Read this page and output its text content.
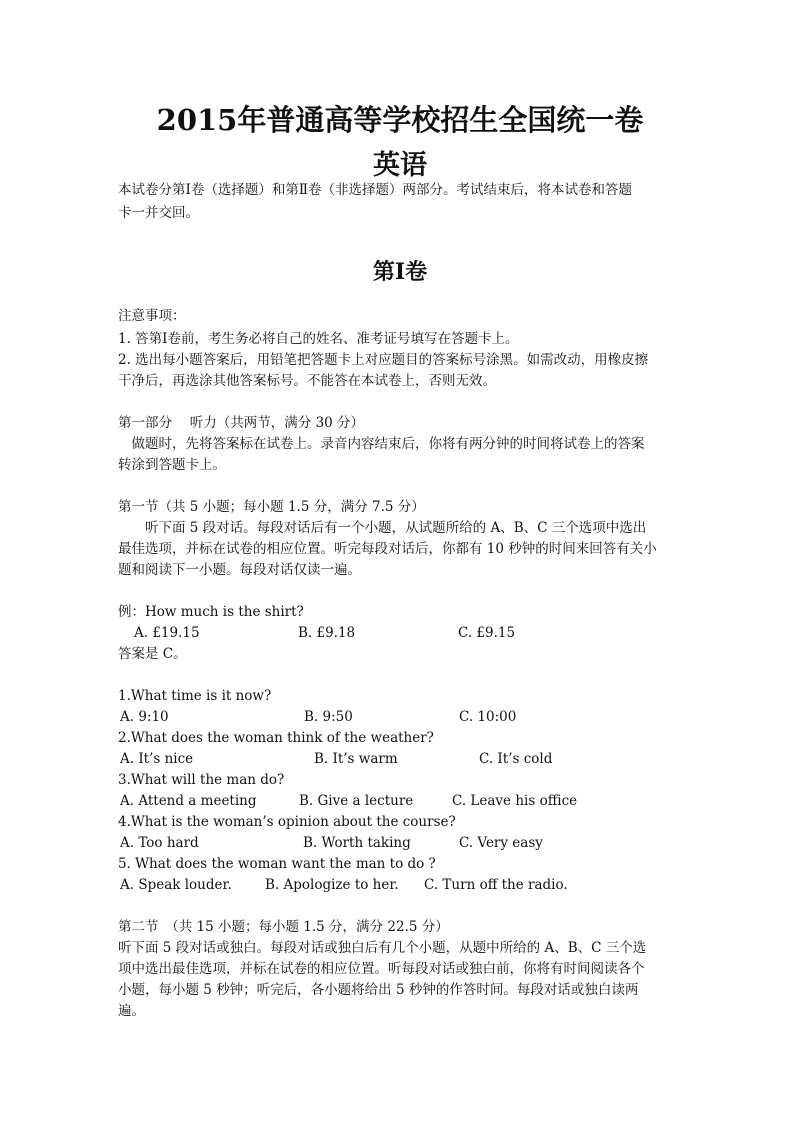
2015年普通高等学校招生全国统一卷
英语
本试卷分第Ⅰ卷（选择题）和第Ⅱ卷（非选择题）两部分。考试结束后，将本试卷和答题
卡一并交回。
第Ⅰ卷
注意事项：
1. 答第Ⅰ卷前，考生务必将自己的姓名、准考证号填写在答题卡上。
2. 选出每小题答案后，用铅笔把答题卡上对应题目的答案标号涂黑。如需改动，用橡皮擦
干净后，再选涂其他答案标号。不能答在本试卷上，否则无效。
第一部分　 听力（共两节，满分 30 分）
　做题时，先将答案标在试卷上。录音内容结束后，你将有两分钟的时间将试卷上的答案
转涂到答题卡上。
第一节（共 5 小题；每小题 1.5 分，满分 7.5 分）
　　听下面 5 段对话。每段对话后有一个小题，从试题所给的 A、B、C 三个选项中选出
最佳选项，并标在试卷的相应位置。听完每段对话后，你都有 10 秒钟的时间来回答有关小
题和阅读下一小题。每段对话仅读一遍。
例：How much is the shirt?
A. £19.15	B. £9.18	C. £9.15
答案是 C。
1.What time is it now?
A. 9:10	B. 9:50	C. 10:00
2.What does the woman think of the weather?
A. It’s nice	B. It’s warm	C. It’s cold
3.What will the man do?
A. Attend a meeting	B. Give a lecture	C. Leave his office
4.What is the woman’s opinion about the course?
A. Too hard	B. Worth taking	C. Very easy
5. What does the woman want the man to do ?
A. Speak louder. B. Apologize to her. C. Turn off the radio.
第二节　（共 15 小题；每小题 1.5 分，满分 22.5 分）
听下面 5 段对话或独白。每段对话或独白后有几个小题，从题中所给的 A、B、C 三个选
项中选出最佳选项，并标在试卷的相应位置。听每段对话或独白前，你将有时间阅读各个
小题，每小题 5 秒钟；听完后，各小题将给出 5 秒钟的作答时间。每段对话或独白读两
遍。
